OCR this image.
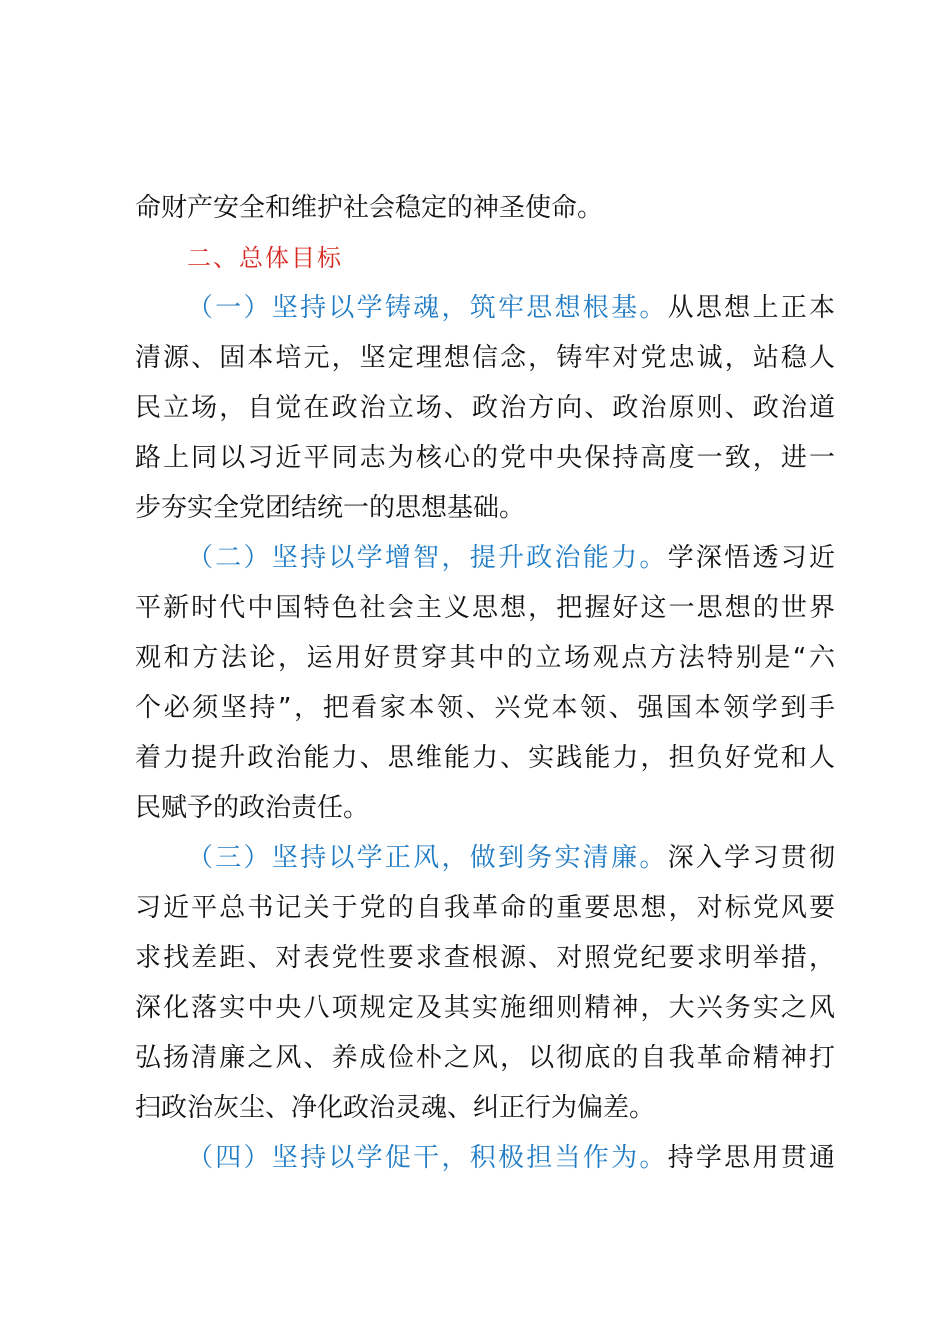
命财产安全和维护社会稳定的神圣使命。
二、总体目标
（一）坚持以学铸魂，筑牢思想根基。从思想上正本
清源、固本培元，坚定理想信念，铸牢对党忠诚，站稳人
民立场，自觉在政治立场、政治方向、政治原则、政治道
路上同以习近平同志为核心的党中央保持高度一致，进一
步夯实全党团结统一的思想基础。
（二）坚持以学增智，提升政治能力。学深悟透习近
平新时代中国特色社会主义思想，把握好这一思想的世界
观和方法论，运用好贯穿其中的立场观点方法特别是“六
个必须坚持”，把看家本领、兴党本领、强国本领学到手
着力提升政治能力、思维能力、实践能力，担负好党和人
民赋予的政治责任。
（三）坚持以学正风，做到务实清廉。深入学习贯彻
习近平总书记关于党的自我革命的重要思想，对标党风要
求找差距、对表党性要求查根源、对照党纪要求明举措，
深化落实中央八项规定及其实施细则精神，大兴务实之风
弘扬清廉之风、养成俭朴之风，以彻底的自我革命精神打
扫政治灰尘、净化政治灵魂、纠正行为偏差。
（四）坚持以学促干，积极担当作为。持学思用贯通
